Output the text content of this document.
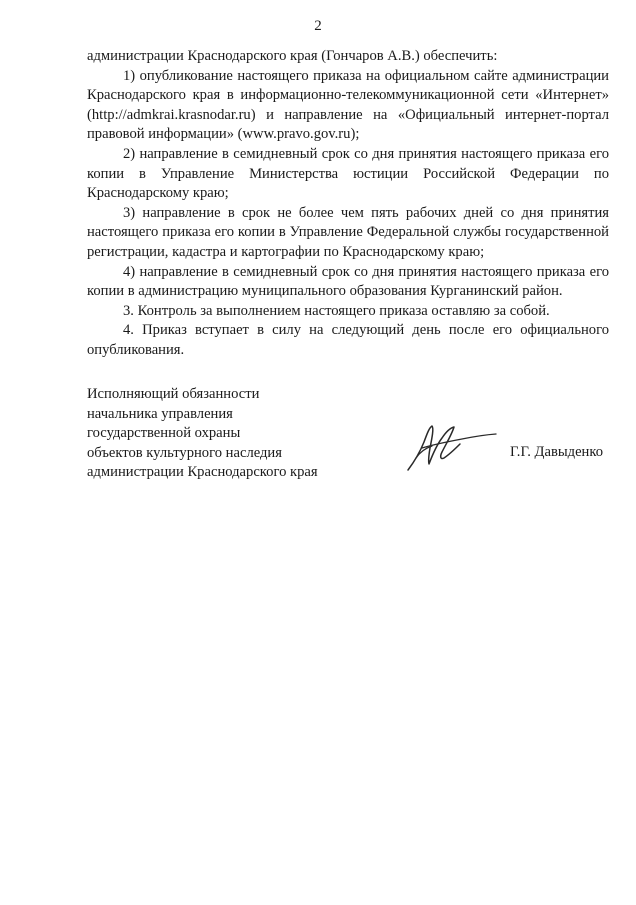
2

администрации Краснодарского края (Гончаров А.В.) обеспечить:

1) опубликование настоящего приказа на официальном сайте администрации Краснодарского края в информационно-телекоммуникационной сети «Интернет» (http://admkrai.krasnodar.ru) и направление на «Официальный интернет-портал правовой информации» (www.pravo.gov.ru);

2) направление в семидневный срок со дня принятия настоящего приказа его копии в Управление Министерства юстиции Российской Федерации по Краснодарскому краю;

3) направление в срок не более чем пять рабочих дней со дня принятия настоящего приказа его копии в Управление Федеральной службы государственной регистрации, кадастра и картографии по Краснодарскому краю;

4) направление в семидневный срок со дня принятия настоящего приказа его копии в администрацию муниципального образования Курганинский район.

3. Контроль за выполнением настоящего приказа оставляю за собой.

4. Приказ вступает в силу на следующий день после его официального опубликования.

Исполняющий обязанности
начальника управления
государственной охраны
объектов культурного наследия
администрации Краснодарского края
Г.Г. Давыденко
